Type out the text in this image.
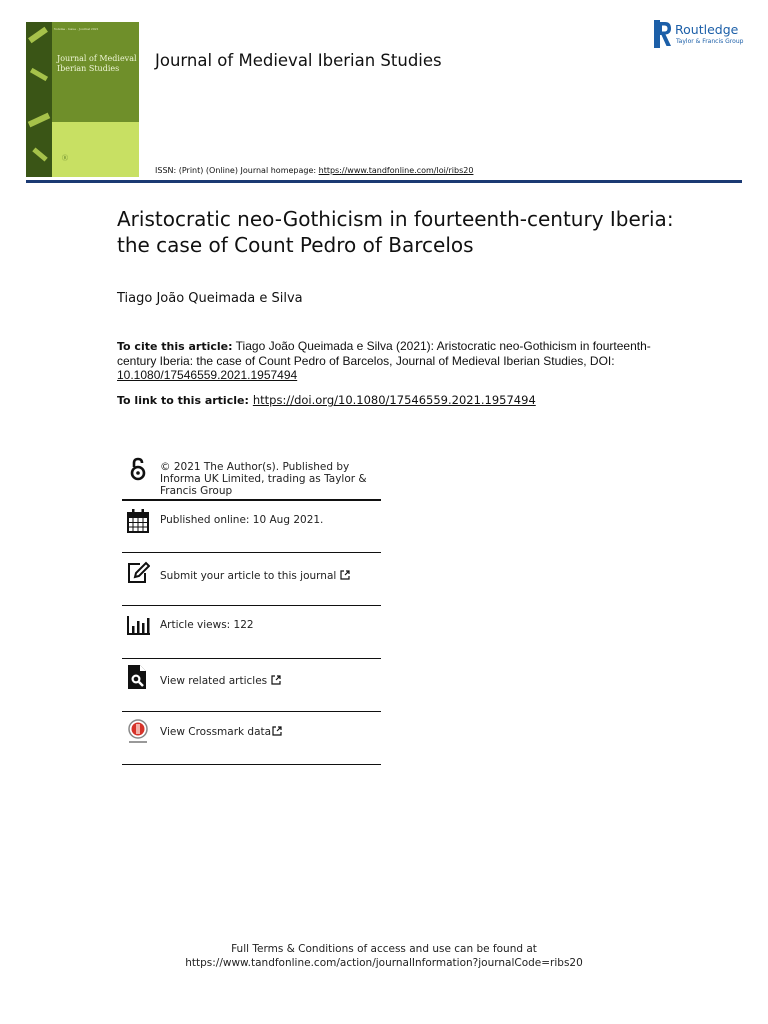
Volume · Issue · Journal 2021
Journal of Medieval Iberian Studies
Ⓡ
Journal of Medieval Iberian Studies
Routledge
Taylor & Francis Group
ISSN: (Print) (Online) Journal homepage: https://www.tandfonline.com/loi/ribs20
Aristocratic neo-Gothicism in fourteenth-century Iberia: the case of Count Pedro of Barcelos
Tiago João Queimada e Silva
To cite this article: Tiago João Queimada e Silva (2021): Aristocratic neo-Gothicism in fourteenth-century Iberia: the case of Count Pedro of Barcelos, Journal of Medieval Iberian Studies, DOI: 10.1080/17546559.2021.1957494
To link to this article: https://doi.org/10.1080/17546559.2021.1957494
© 2021 The Author(s). Published by Informa UK Limited, trading as Taylor & Francis Group
Published online: 10 Aug 2021.
Submit your article to this journal
Article views: 122
View related articles
View Crossmark data
Full Terms & Conditions of access and use can be found at
https://www.tandfonline.com/action/journalInformation?journalCode=ribs20
